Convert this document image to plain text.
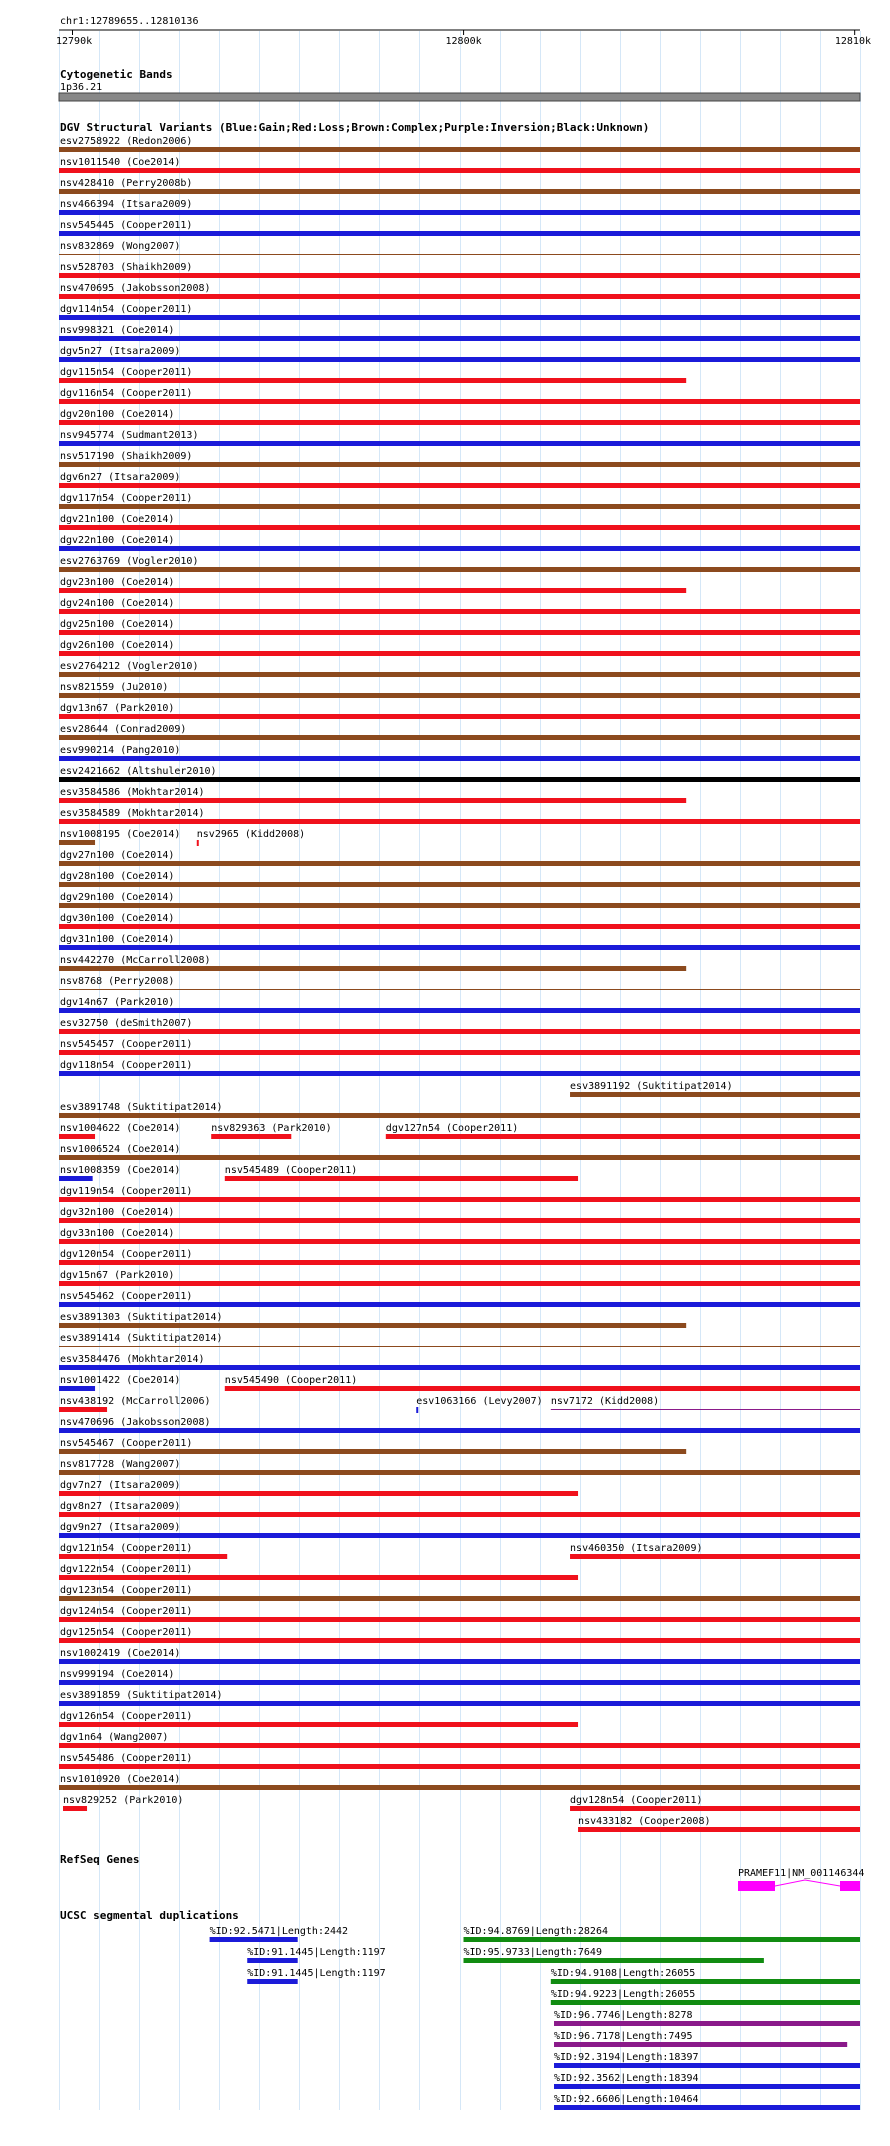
chr1:12789655..12810136
12790k	12800k	12810k
Cytogenetic Bands
1p36.21
DGV Structural Variants (Blue:Gain;Red:Loss;Brown:Complex;Purple:Inversion;Black:Unknown)
esv2758922 (Redon2006)
nsv1011540 (Coe2014)
nsv428410 (Perry2008b)
nsv466394 (Itsara2009)
nsv545445 (Cooper2011)
nsv832869 (Wong2007)
nsv528703 (Shaikh2009)
nsv470695 (Jakobsson2008)
dgv114n54 (Cooper2011)
nsv998321 (Coe2014)
dgv5n27 (Itsara2009)
dgv115n54 (Cooper2011)
dgv116n54 (Cooper2011)
dgv20n100 (Coe2014)
nsv945774 (Sudmant2013)
nsv517190 (Shaikh2009)
dgv6n27 (Itsara2009)
dgv117n54 (Cooper2011)
dgv21n100 (Coe2014)
dgv22n100 (Coe2014)
esv2763769 (Vogler2010)
dgv23n100 (Coe2014)
dgv24n100 (Coe2014)
dgv25n100 (Coe2014)
dgv26n100 (Coe2014)
esv2764212 (Vogler2010)
nsv821559 (Ju2010)
dgv13n67 (Park2010)
esv28644 (Conrad2009)
esv990214 (Pang2010)
esv2421662 (Altshuler2010)
esv3584586 (Mokhtar2014)
esv3584589 (Mokhtar2014)
nsv1008195 (Coe2014) nsv2965 (Kidd2008)
dgv27n100 (Coe2014)
dgv28n100 (Coe2014)
dgv29n100 (Coe2014)
dgv30n100 (Coe2014)
dgv31n100 (Coe2014)
nsv442270 (McCarroll2008)
nsv8768 (Perry2008)
dgv14n67 (Park2010)
esv32750 (deSmith2007)
nsv545457 (Cooper2011)
dgv118n54 (Cooper2011)
esv3891192 (Suktitipat2014)
esv3891748 (Suktitipat2014)
nsv1004622 (Coe2014)	nsv829363 (Park2010)	dgv127n54 (Cooper2011)
nsv1006524 (Coe2014)
nsv1008359 (Coe2014)	nsv545489 (Cooper2011)
dgv119n54 (Cooper2011)
dgv32n100 (Coe2014)
dgv33n100 (Coe2014)
dgv120n54 (Cooper2011)
dgv15n67 (Park2010)
nsv545462 (Cooper2011)
esv3891303 (Suktitipat2014)
esv3891414 (Suktitipat2014)
esv3584476 (Mokhtar2014)
nsv1001422 (Coe2014)	nsv545490 (Cooper2011)
nsv438192 (McCarroll2006)	esv1063166 (Levy2007) nsv7172 (Kidd2008)
nsv470696 (Jakobsson2008)
nsv545467 (Cooper2011)
nsv817728 (Wang2007)
dgv7n27 (Itsara2009)
dgv8n27 (Itsara2009)
dgv9n27 (Itsara2009)
dgv121n54 (Cooper2011)	nsv460350 (Itsara2009)
dgv122n54 (Cooper2011)
dgv123n54 (Cooper2011)
dgv124n54 (Cooper2011)
dgv125n54 (Cooper2011)
nsv1002419 (Coe2014)
nsv999194 (Coe2014)
esv3891859 (Suktitipat2014)
dgv126n54 (Cooper2011)
dgv1n64 (Wang2007)
nsv545486 (Cooper2011)
nsv1010920 (Coe2014)
nsv829252 (Park2010)	dgv128n54 (Cooper2011)
nsv433182 (Cooper2008)
RefSeq Genes
PRAMEF11|NM_001146344
UCSC segmental duplications
%ID:92.5471|Length:2442	%ID:94.8769|Length:28264
%ID:91.1445|Length:1197	%ID:95.9733|Length:7649
%ID:91.1445|Length:1197	%ID:94.9108|Length:26055
%ID:94.9223|Length:26055
%ID:96.7746|Length:8278
%ID:96.7178|Length:7495
%ID:92.3194|Length:18397
%ID:92.3562|Length:18394
%ID:92.6606|Length:10464
